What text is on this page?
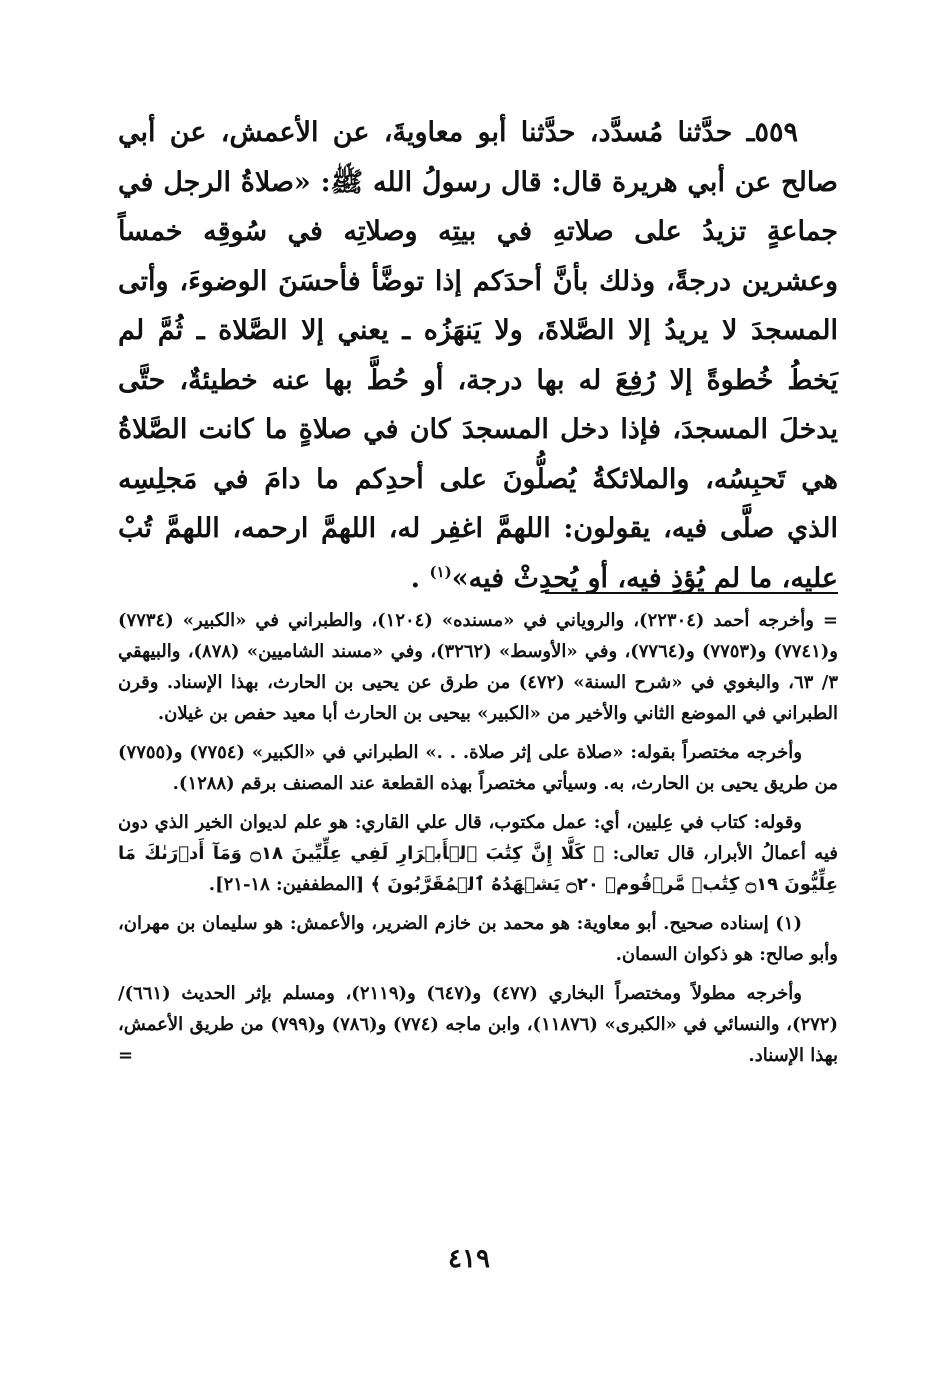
٥٥٩ـ حدَّثنا مُسدَّد، حدَّثنا أبو معاويةَ، عن الأعمش، عن أبي صالح عن أبي هريرة قال: قال رسولُ الله ﷺ: «صلاةُ الرجل في جماعةٍ تزيدُ على صلاتهِ في بيتِه وصلاتِه في سُوقِه خمساً وعشرين درجةً، وذلك بأنَّ أحدَكم إذا توضَّأ فأحسَنَ الوضوءَ، وأتى المسجدَ لا يريدُ إلا الصَّلاةَ، ولا يَنهَزُه ـ يعني إلا الصَّلاة ـ ثُمَّ لم يَخطُ خُطوةً إلا رُفِعَ له بها درجة، أو حُطَّ بها عنه خطيئةٌ، حتَّى يدخلَ المسجدَ، فإذا دخل المسجدَ كان في صلاةٍ ما كانت الصَّلاةُ هي تَحبِسُه، والملائكةُ يُصلُّونَ على أحدِكم ما دامَ في مَجلِسِه الذي صلَّى فيه، يقولون: اللهمَّ اغفِر له، اللهمَّ ارحمه، اللهمَّ تُبْ عليه، ما لم يُؤذِ فيه، أو يُحدِثْ فيه»$^{(١)}$ .

= وأخرجه أحمد (٢٢٣٠٤)، والروياني في «مسنده» (١٢٠٤)، والطبراني في «الكبير» (٧٧٣٤) و(٧٧٤١) و(٧٧٥٣) و(٧٧٦٤)، وفي «الأوسط» (٣٢٦٢)، وفي «مسند الشاميين» (٨٧٨)، والبيهقي ٣/ ٦٣، والبغوي في «شرح السنة» (٤٧٢) من طرق عن يحيى بن الحارث، بهذا الإسناد. وقرن الطبراني في الموضع الثاني والأخير من «الكبير» بيحيى بن الحارث أبا معيد حفص بن غيلان.

وأخرجه مختصراً بقوله: «صلاة على إثر صلاة. . .» الطبراني في «الكبير» (٧٧٥٤) و(٧٧٥٥) من طريق يحيى بن الحارث، به. وسيأتي مختصراً بهذه القطعة عند المصنف برقم (١٢٨٨).

وقوله: كتاب في عِليين، أي: عمل مكتوب، قال علي القاري: هو علم لديوان الخير الذي دون فيه أعمالُ الأبرار، قال تعالى: ﴿ كَلَّا إِنَّ كِتَٰبَ ٱلۡأَبۡرَارِ لَفِي عِلِّيِّينَ ۝١٨ وَمَآ أَدۡرَىٰكَ مَا عِلِّيُّونَ ۝١٩ كِتَٰبٞ مَّرۡقُومٞ ۝٢٠ يَشۡهَدُهُ ٱلۡمُقَرَّبُونَ ﴾ [المطففين: ١٨-٢١].

(١) إسناده صحيح. أبو معاوية: هو محمد بن خازم الضرير، والأعمش: هو سليمان بن مهران، وأبو صالح: هو ذكوان السمان.

وأخرجه مطولاً ومختصراً البخاري (٤٧٧) و(٦٤٧) و(٢١١٩)، ومسلم بإثر الحديث (٦٦١)/ (٢٧٢)، والنسائي في «الكبرى» (١١٨٧٦)، وابن ماجه (٧٧٤) و(٧٨٦) و(٧٩٩) من طريق الأعمش، بهذا الإسناد.
=

٤١٩
